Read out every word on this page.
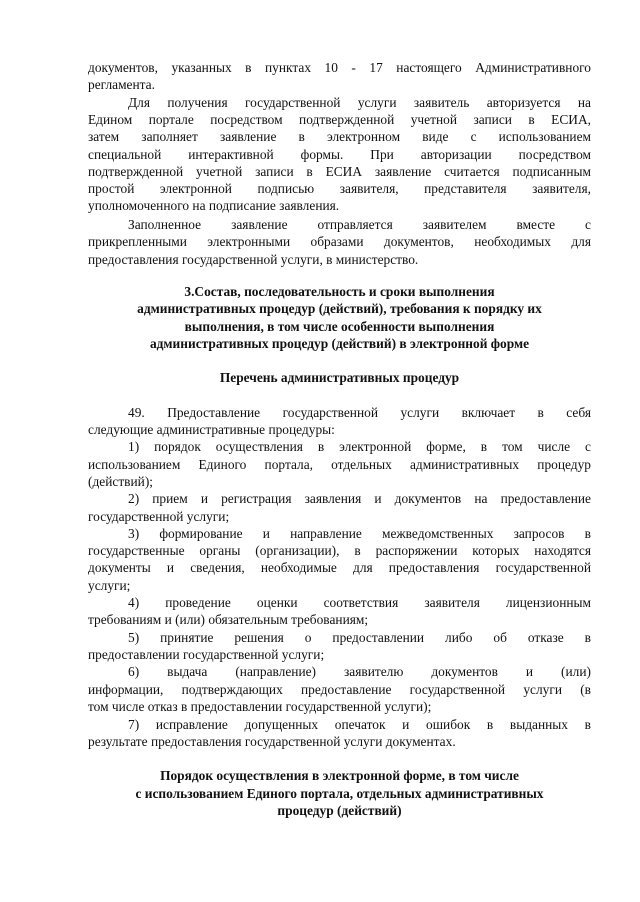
документов, указанных в пунктах 10 - 17 настоящего Административного
регламента.
Для получения государственной услуги заявитель авторизуется на
Едином портале посредством подтвержденной учетной записи в ЕСИА,
затем заполняет заявление в электронном виде с использованием
специальной интерактивной формы. При авторизации посредством
подтвержденной учетной записи в ЕСИА заявление считается подписанным
простой электронной подписью заявителя, представителя заявителя,
уполномоченного на подписание заявления.
Заполненное заявление отправляется заявителем вместе с
прикрепленными электронными образами документов, необходимых для
предоставления государственной услуги, в министерство.
3.Состав, последовательность и сроки выполнения
административных процедур (действий), требования к порядку их
выполнения, в том числе особенности выполнения
административных процедур (действий) в электронной форме
Перечень административных процедур
49. Предоставление государственной услуги включает в себя
следующие административные процедуры:
1) порядок осуществления в электронной форме, в том числе с
использованием Единого портала, отдельных административных процедур
(действий);
2) прием и регистрация заявления и документов на предоставление
государственной услуги;
3) формирование и направление межведомственных запросов в
государственные органы (организации), в распоряжении которых находятся
документы и сведения, необходимые для предоставления государственной
услуги;
4) проведение оценки соответствия заявителя лицензионным
требованиям и (или) обязательным требованиям;
5) принятие решения о предоставлении либо об отказе в
предоставлении государственной услуги;
6) выдача (направление) заявителю документов и (или)
информации, подтверждающих предоставление государственной услуги (в
том числе отказ в предоставлении государственной услуги);
7) исправление допущенных опечаток и ошибок в выданных в
результате предоставления государственной услуги документах.
Порядок осуществления в электронной форме, в том числе
с использованием Единого портала, отдельных административных
процедур (действий)
